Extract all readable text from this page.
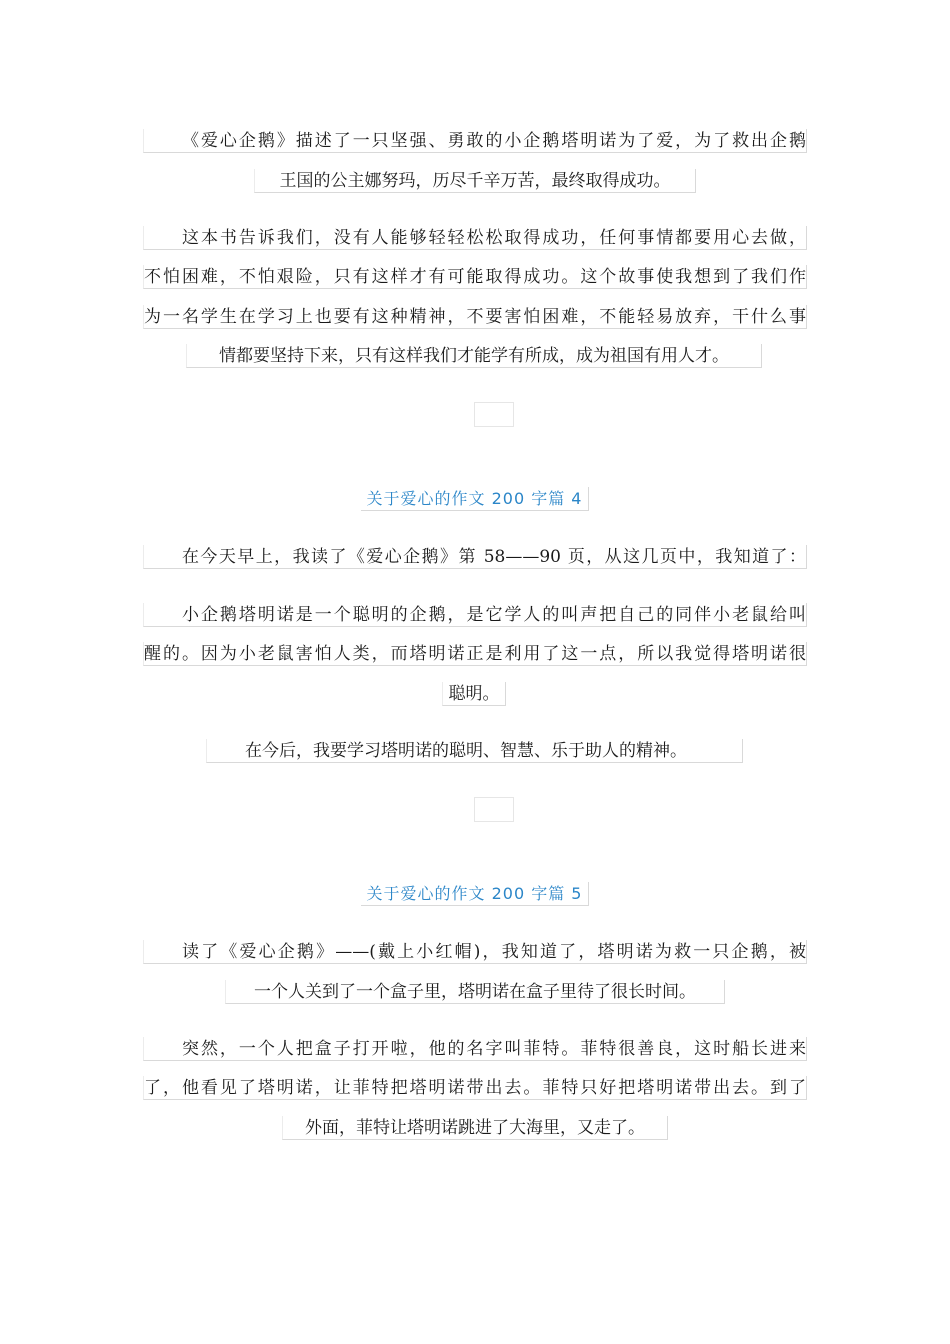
《爱心企鹅》描述了一只坚强、勇敢的小企鹅塔明诺为了爱，为了救出企鹅
王国的公主娜努玛，历尽千辛万苦，最终取得成功。
这本书告诉我们，没有人能够轻轻松松取得成功，任何事情都要用心去做，
不怕困难，不怕艰险，只有这样才有可能取得成功。这个故事使我想到了我们作
为一名学生在学习上也要有这种精神，不要害怕困难，不能轻易放弃，干什么事
情都要坚持下来，只有这样我们才能学有所成，成为祖国有用人才。
关于爱心的作文 200 字篇 4
在今天早上，我读了《爱心企鹅》第 58——90 页，从这几页中，我知道了：
小企鹅塔明诺是一个聪明的企鹅，是它学人的叫声把自己的同伴小老鼠给叫
醒的。因为小老鼠害怕人类，而塔明诺正是利用了这一点，所以我觉得塔明诺很
聪明。
在今后，我要学习塔明诺的聪明、智慧、乐于助人的精神。
关于爱心的作文 200 字篇 5
读了《爱心企鹅》——(戴上小红帽)，我知道了，塔明诺为救一只企鹅，被
一个人关到了一个盒子里，塔明诺在盒子里待了很长时间。
突然，一个人把盒子打开啦，他的名字叫菲特。菲特很善良，这时船长进来
了，他看见了塔明诺，让菲特把塔明诺带出去。菲特只好把塔明诺带出去。到了
外面，菲特让塔明诺跳进了大海里，又走了。
